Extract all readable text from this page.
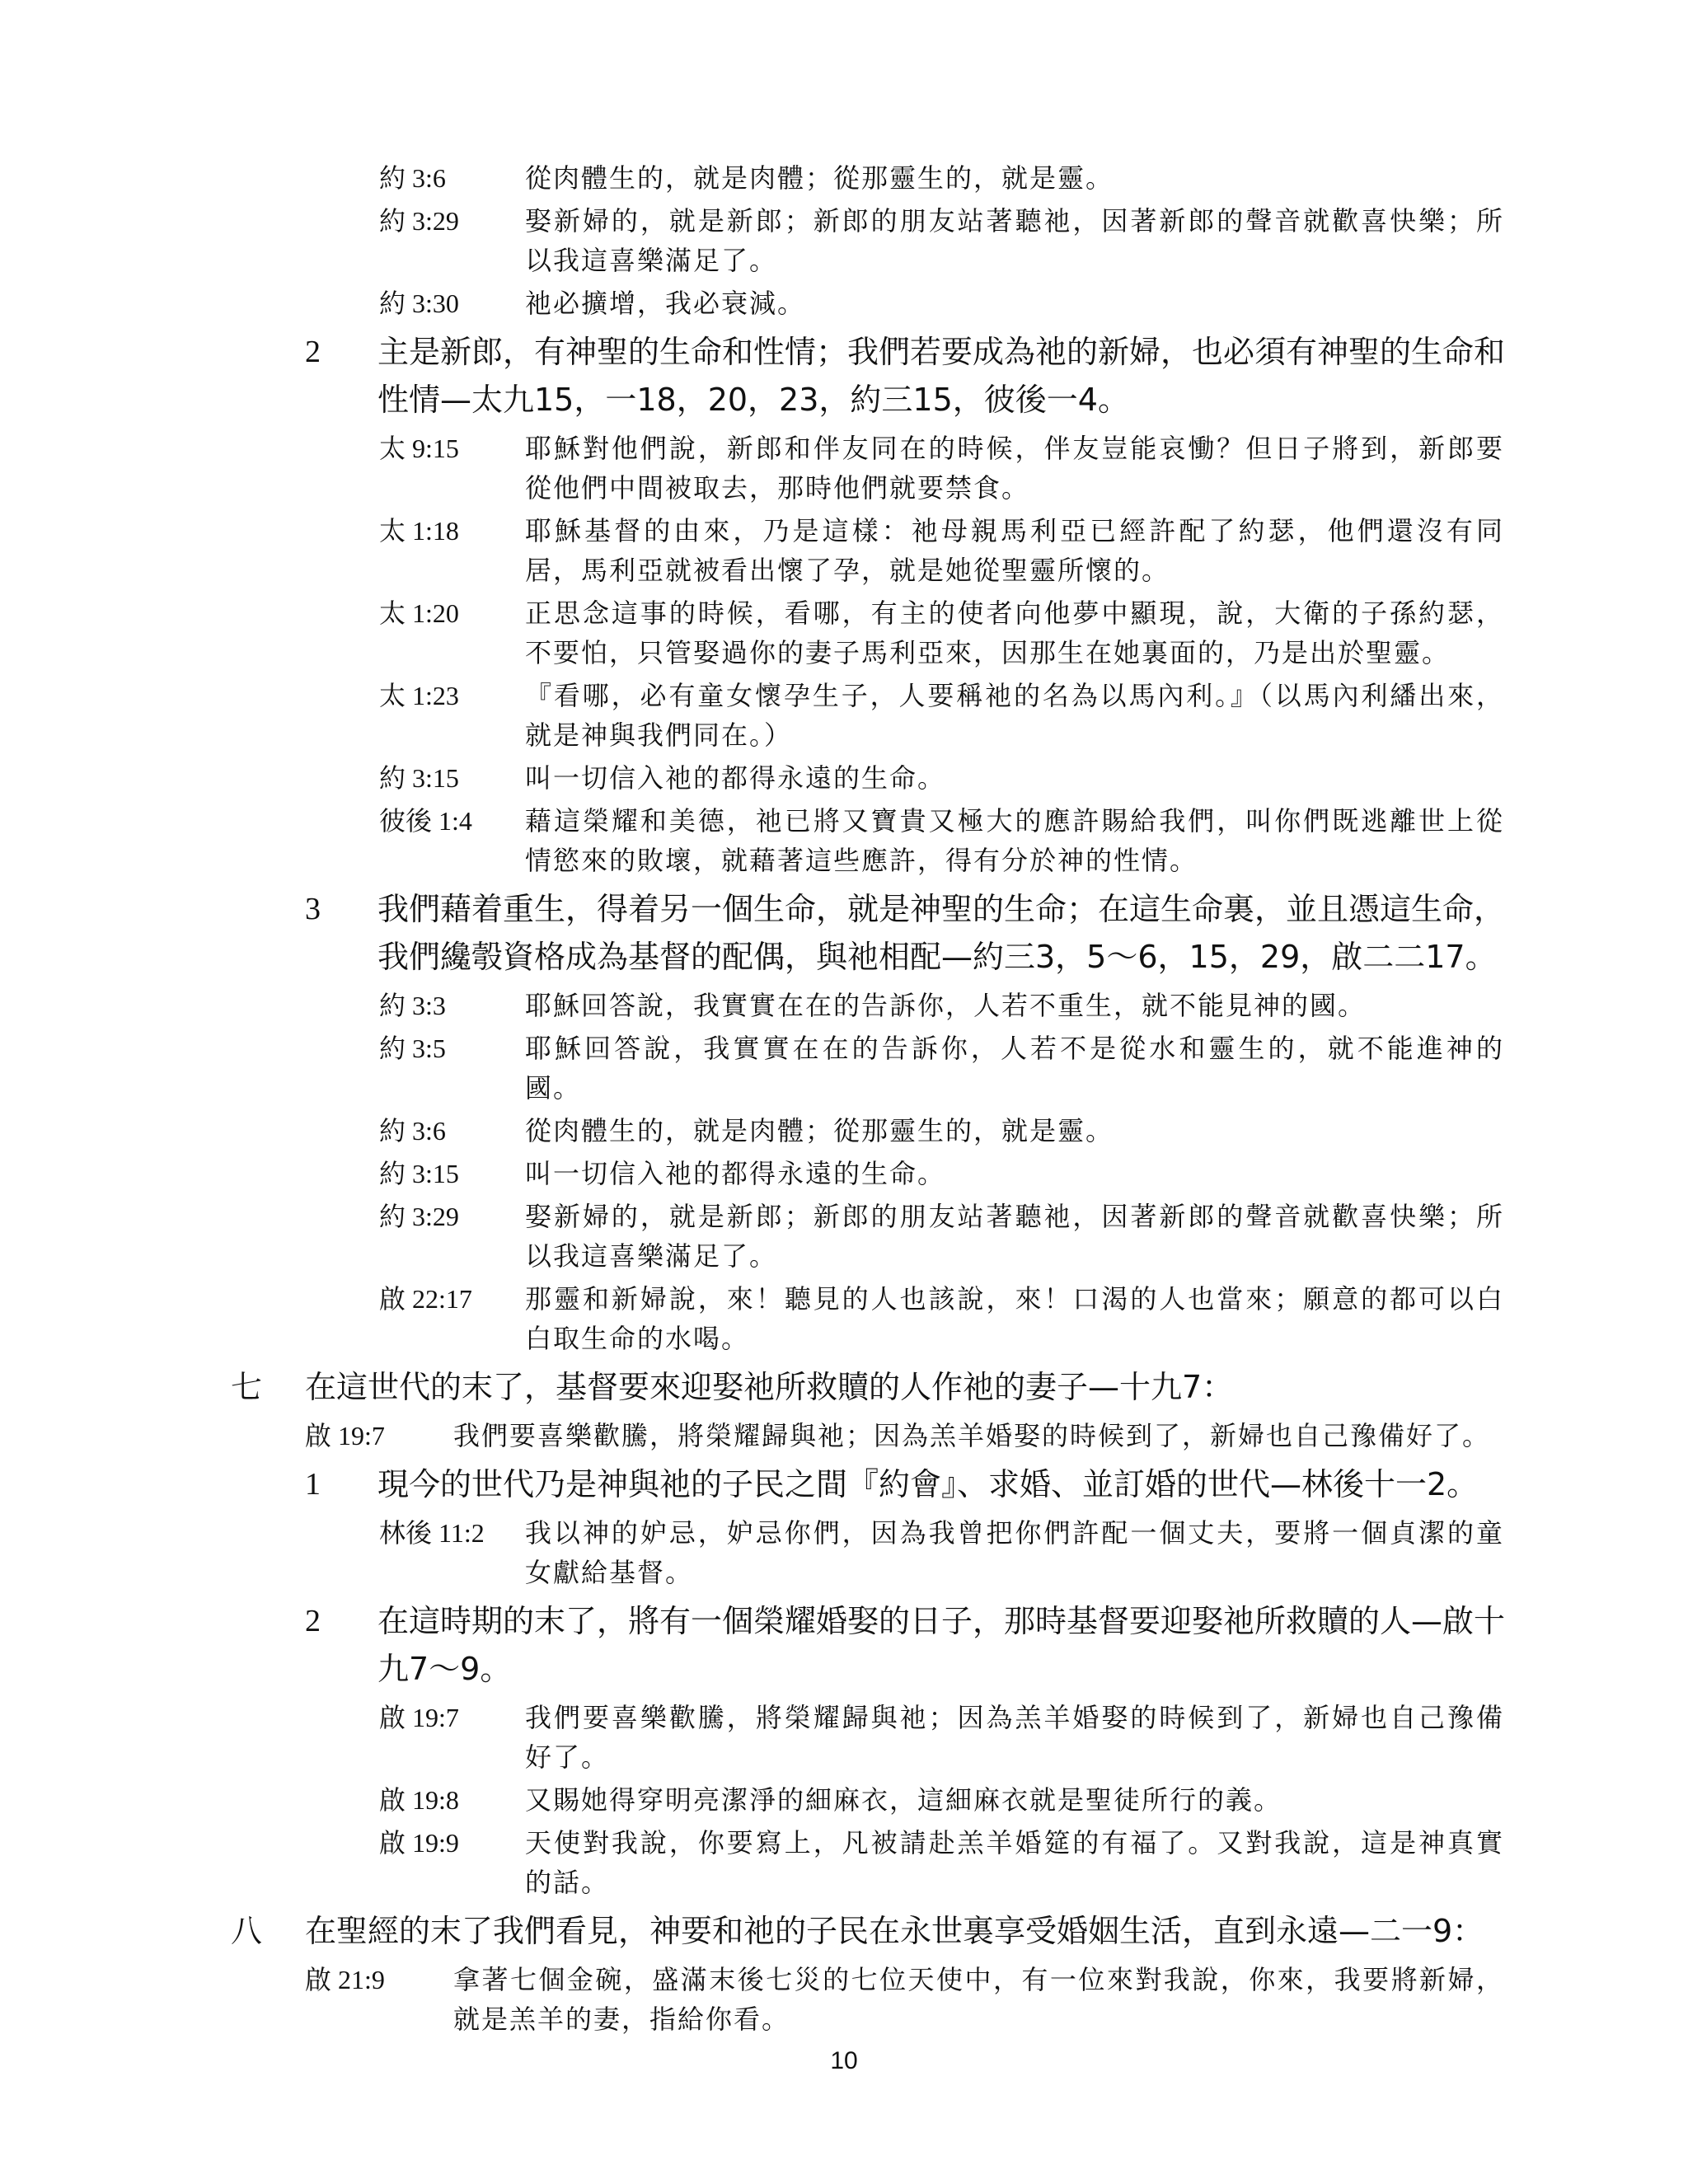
約 3:6	從肉體生的，就是肉體；從那靈生的，就是靈。
約 3:29	娶新婦的，就是新郎；新郎的朋友站著聽祂，因著新郎的聲音就歡喜快樂；所以我這喜樂滿足了。
約 3:30	祂必擴增，我必衰減。
2	主是新郎，有神聖的生命和性情；我們若要成為祂的新婦，也必須有神聖的生命和性情—太九15，一18，20，23，約三15，彼後一4。
太 9:15	耶穌對他們說，新郎和伴友同在的時候，伴友豈能哀慟？但日子將到，新郎要從他們中間被取去，那時他們就要禁食。
太 1:18	耶穌基督的由來，乃是這樣：祂母親馬利亞已經許配了約瑟，他們還沒有同居，馬利亞就被看出懷了孕，就是她從聖靈所懷的。
太 1:20	正思念這事的時候，看哪，有主的使者向他夢中顯現，說，大衛的子孫約瑟，不要怕，只管娶過你的妻子馬利亞來，因那生在她裏面的，乃是出於聖靈。
太 1:23	『看哪，必有童女懷孕生子，人要稱祂的名為以馬內利。』（以馬內利繙出來，就是神與我們同在。）
約 3:15	叫一切信入祂的都得永遠的生命。
彼後 1:4	藉這榮耀和美德，祂已將又寶貴又極大的應許賜給我們，叫你們既逃離世上從情慾來的敗壞，就藉著這些應許，得有分於神的性情。
3	我們藉着重生，得着另一個生命，就是神聖的生命；在這生命裏，並且憑這生命，我們纔彀資格成為基督的配偶，與祂相配—約三3，5～6，15，29，啟二二17。
約 3:3	耶穌回答說，我實實在在的告訴你，人若不重生，就不能見神的國。
約 3:5	耶穌回答說，我實實在在的告訴你，人若不是從水和靈生的，就不能進神的國。
約 3:6	從肉體生的，就是肉體；從那靈生的，就是靈。
約 3:15	叫一切信入祂的都得永遠的生命。
約 3:29	娶新婦的，就是新郎；新郎的朋友站著聽祂，因著新郎的聲音就歡喜快樂；所以我這喜樂滿足了。
啟 22:17	那靈和新婦說，來！聽見的人也該說，來！口渴的人也當來；願意的都可以白白取生命的水喝。
七	在這世代的末了，基督要來迎娶祂所救贖的人作祂的妻子—十九7：
啟 19:7	我們要喜樂歡騰，將榮耀歸與祂；因為羔羊婚娶的時候到了，新婦也自己豫備好了。
1	現今的世代乃是神與祂的子民之間『約會』、求婚、並訂婚的世代—林後十一2。
林後 11:2	我以神的妒忌，妒忌你們，因為我曾把你們許配一個丈夫，要將一個貞潔的童女獻給基督。
2	在這時期的末了，將有一個榮耀婚娶的日子，那時基督要迎娶祂所救贖的人—啟十九7～9。
啟 19:7	我們要喜樂歡騰，將榮耀歸與祂；因為羔羊婚娶的時候到了，新婦也自己豫備好了。
啟 19:8	又賜她得穿明亮潔淨的細麻衣，這細麻衣就是聖徒所行的義。
啟 19:9	天使對我說，你要寫上，凡被請赴羔羊婚筵的有福了。又對我說，這是神真實的話。
八	在聖經的末了我們看見，神要和祂的子民在永世裏享受婚姻生活，直到永遠—二一9：
啟 21:9	拿著七個金碗，盛滿末後七災的七位天使中，有一位來對我說，你來，我要將新婦，就是羔羊的妻，指給你看。
10
